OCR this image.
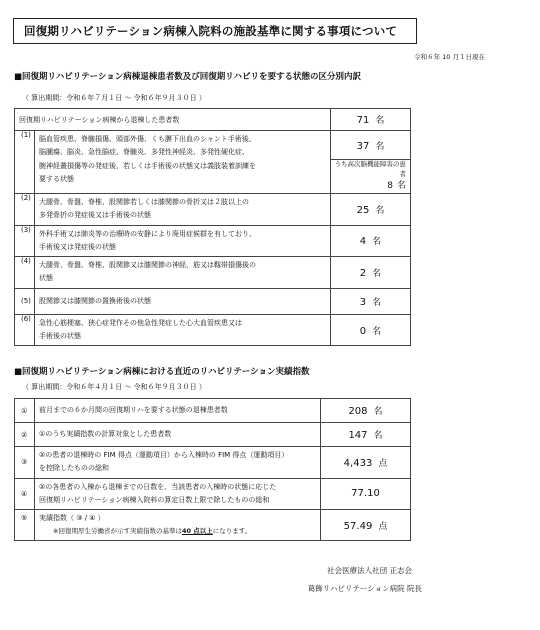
回復期リハビリテーション病棟入院料の施設基準に関する事項について
令和６年 10 月１日現在
■回復期リハビリテーション病棟退棟患者数及び回復期リハビリを要する状態の区分別内訳
（ 算出期間：令和６年７月１日 ～ 令和６年９月３０日 ）
回復期リハビリテーション病棟から退棟した患者数		71 名
(1)	脳血管疾患、脊髄損傷、頭部外傷、くも膜下出血のシャント手術後、
脳腫瘍、脳炎、急性脳症、脊髄炎、多発性神経炎、多発性硬化症、
腕神経叢損傷等の発症後、若しくは手術後の状態又は義肢装着訓練を
要する状態	37 名

		うち高次脳機能障害の患者
8 名

(2)	大腿骨、骨盤、脊椎、股関節若しくは膝関節の骨折又は２肢以上の
多発骨折の発症後又は手術後の状態	25 名
(3)	外科手術又は肺炎等の治療時の安静により廃用症候群を有しており、
手術後又は発症後の状態	4 名
(4)	大腿骨、骨盤、脊椎、股関節又は膝関節の神経、筋又は靱帯損傷後の
状態	2 名
(5)	股関節又は膝関節の置換術後の状態	3 名
(6)	急性心筋梗塞、狭心症発作その他急性発症した心大血管疾患又は
手術後の状態	0 名
■回復期リハビリテーション病棟における直近のリハビリテーション実績指数
（ 算出期間：令和６年４月１日 ～ 令和６年９月３０日 ）
①	前月までの６か月間の回復期リハを要する状態の退棟患者数	208 名
②	①のうち実績指数の計算対象とした患者数	147 名
③	②の患者の退棟時の FIM 得点（運動項目）から入棟時の FIM 得点（運動項目）
を控除したものの総和	4,433 点
④	②の各患者の入棟から退棟までの日数を、当該患者の入棟時の状態に応じた
回復期リハビリテーション病棟入院料の算定日数上限で除したものの総和	77.10
⑤	実績指数（ ③ / ④ ）
※回復期厚生労働省が示す実績指数の基準は40 点以上になります。	57.49 点
社会医療法人社団 正志会
葛飾リハビリテーション病院 院長
